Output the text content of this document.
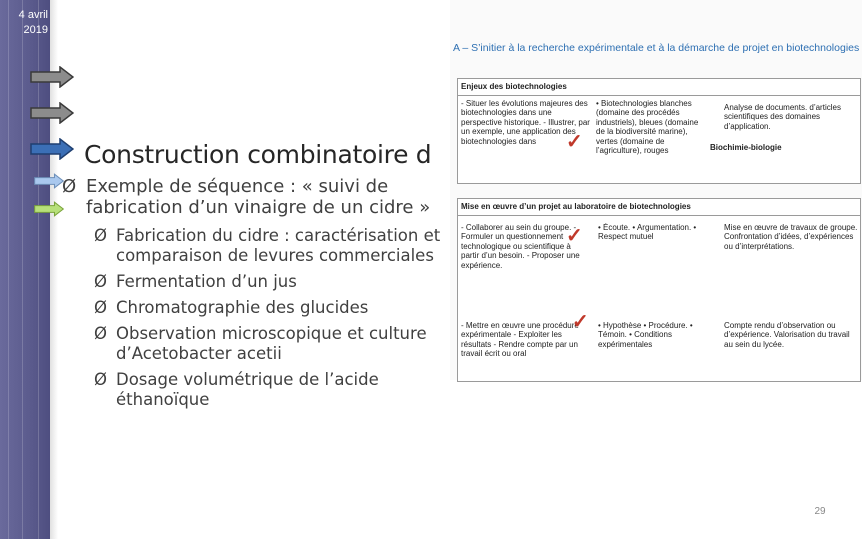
4 avril
2019
Construction combinatoire d
Ø Exemple de séquence : « suivi de fabrication d’un vinaigre de un cidre »
Ø Fabrication du cidre : caractérisation et comparaison de levures commerciales
Ø Fermentation d’un jus
Ø Chromatographie des glucides
Ø Observation microscopique et culture d’Acetobacter acetii
Ø Dosage volumétrique de l’acide éthanoïque
A – S’initier à la recherche expérimentale et à la démarche de projet en biotechnologies
Enjeux des biotechnologies
- Situer les évolutions majeures des biotechnologies dans une perspective historique. - Illustrer, par un exemple, une application des biotechnologies dans
• Biotechnologies blanches (domaine des procédés industriels), bleues (domaine de la biodiversité marine), vertes (domaine de l’agriculture), rouges
Analyse de documents. d’articles scientifiques des domaines d’application.
Biochimie-biologie
Mise en œuvre d’un projet au laboratoire de biotechnologies
- Collaborer au sein du groupe. - Formuler un questionnement technologique ou scientifique à partir d’un besoin. - Proposer une expérience.
• Écoute. • Argumentation. • Respect mutuel
Mise en œuvre de travaux de groupe. Confrontation d’idées, d’expériences ou d’interprétations.
- Mettre en œuvre une procédure expérimentale - Exploiter les résultats - Rendre compte par un travail écrit ou oral
• Hypothèse • Procédure. • Témoin. • Conditions expérimentales
Compte rendu d’observation ou d’expérience. Valorisation du travail au sein du lycée.
✓
✓
✓
29
